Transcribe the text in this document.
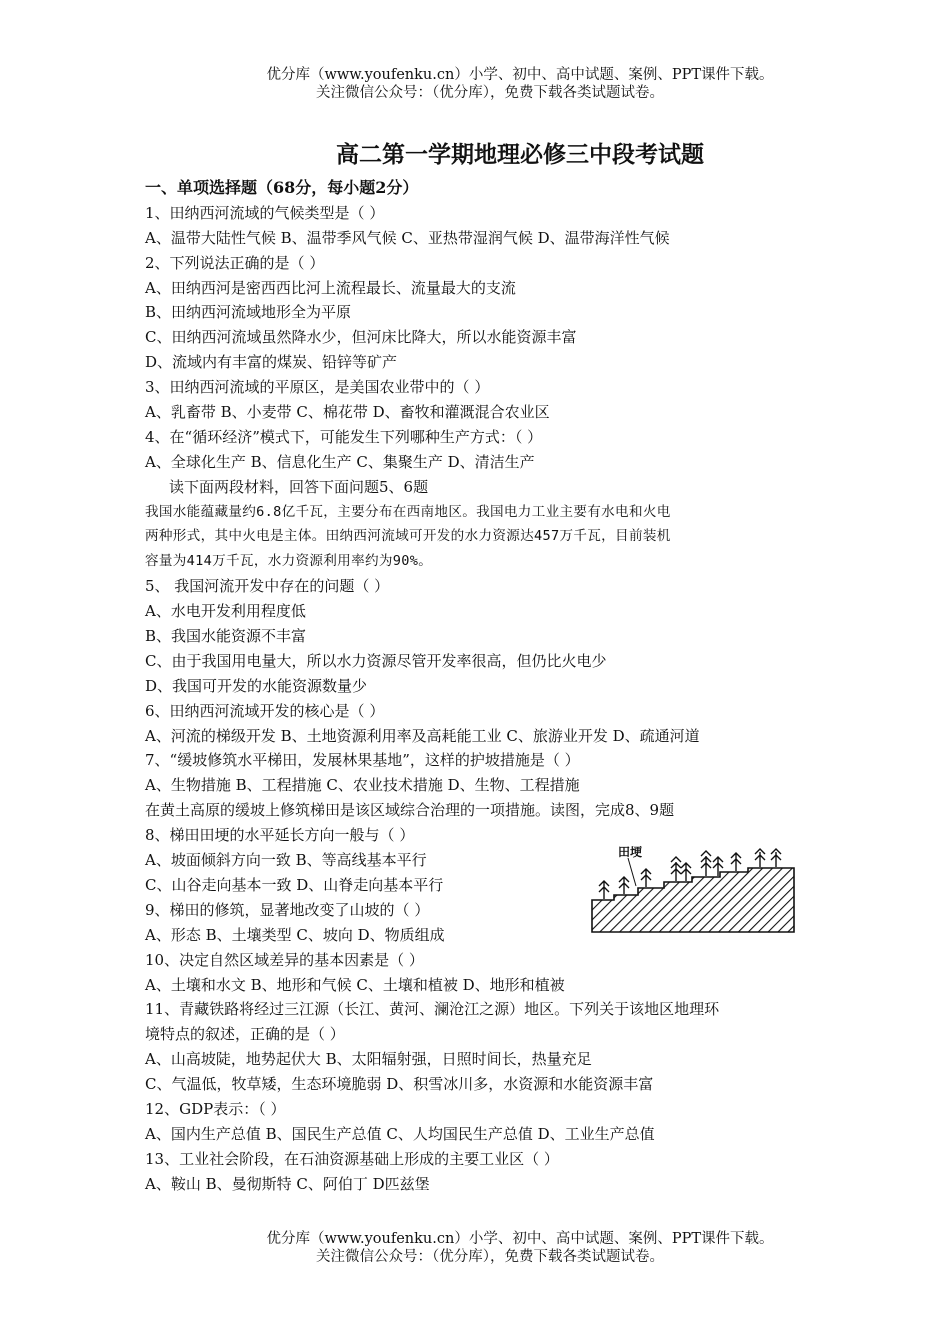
优分库（www.youfenku.cn）小学、初中、高中试题、案例、PPT课件下载。
关注微信公众号：（优分库），免费下载各类试题试卷。
高二第一学期地理必修三中段考试题
一、单项选择题（68分，每小题2分）
1、田纳西河流域的气候类型是（ ）
A、温带大陆性气候 B、温带季风气候 C、亚热带湿润气候 D、温带海洋性气候
2、下列说法正确的是（ ）
A、田纳西河是密西西比河上流程最长、流量最大的支流
B、田纳西河流域地形全为平原
C、田纳西河流域虽然降水少，但河床比降大，所以水能资源丰富
D、流域内有丰富的煤炭、铅锌等矿产
3、田纳西河流域的平原区，是美国农业带中的（ ）
A、乳畜带 B、小麦带 C、棉花带 D、畜牧和灌溉混合农业区
4、在“循环经济”模式下，可能发生下列哪种生产方式：（ ）
A、全球化生产 B、信息化生产 C、集聚生产 D、清洁生产
读下面两段材料，回答下面问题5、6题
我国水能蕴藏量约6.8亿千瓦，主要分布在西南地区。我国电力工业主要有水电和火电
两种形式，其中火电是主体。田纳西河流域可开发的水力资源达457万千瓦，目前装机
容量为414万千瓦，水力资源利用率约为90%。
5、 我国河流开发中存在的问题（ ）
A、水电开发利用程度低
B、我国水能资源不丰富
C、由于我国用电量大，所以水力资源尽管开发率很高，但仍比火电少
D、我国可开发的水能资源数量少
6、田纳西河流域开发的核心是（ ）
A、河流的梯级开发 B、土地资源利用率及高耗能工业 C、旅游业开发 D、疏通河道
7、“缓坡修筑水平梯田，发展林果基地”，这样的护坡措施是（ ）
A、生物措施 B、工程措施 C、农业技术措施 D、生物、工程措施
在黄土高原的缓坡上修筑梯田是该区域综合治理的一项措施。读图，完成8、9题
8、梯田田埂的水平延长方向一般与（ ）
A、坡面倾斜方向一致 B、等高线基本平行
C、山谷走向基本一致 D、山脊走向基本平行
9、梯田的修筑，显著地改变了山坡的（ ）
A、形态 B、土壤类型 C、坡向 D、物质组成
10、决定自然区域差异的基本因素是（ ）
A、土壤和水文 B、地形和气候 C、土壤和植被 D、地形和植被
11、青藏铁路将经过三江源（长江、黄河、澜沧江之源）地区。下列关于该地区地理环
境特点的叙述，正确的是（ ）
A、山高坡陡，地势起伏大 B、太阳辐射强，日照时间长，热量充足
C、气温低，牧草矮，生态环境脆弱 D、积雪冰川多，水资源和水能资源丰富
12、GDP表示：（ ）
A、国内生产总值 B、国民生产总值 C、人均国民生产总值 D、工业生产总值
13、工业社会阶段，在石油资源基础上形成的主要工业区（ ）
A、鞍山 B、曼彻斯特 C、阿伯丁 D匹兹堡
田埂
优分库（www.youfenku.cn）小学、初中、高中试题、案例、PPT课件下载。
关注微信公众号：（优分库），免费下载各类试题试卷。
